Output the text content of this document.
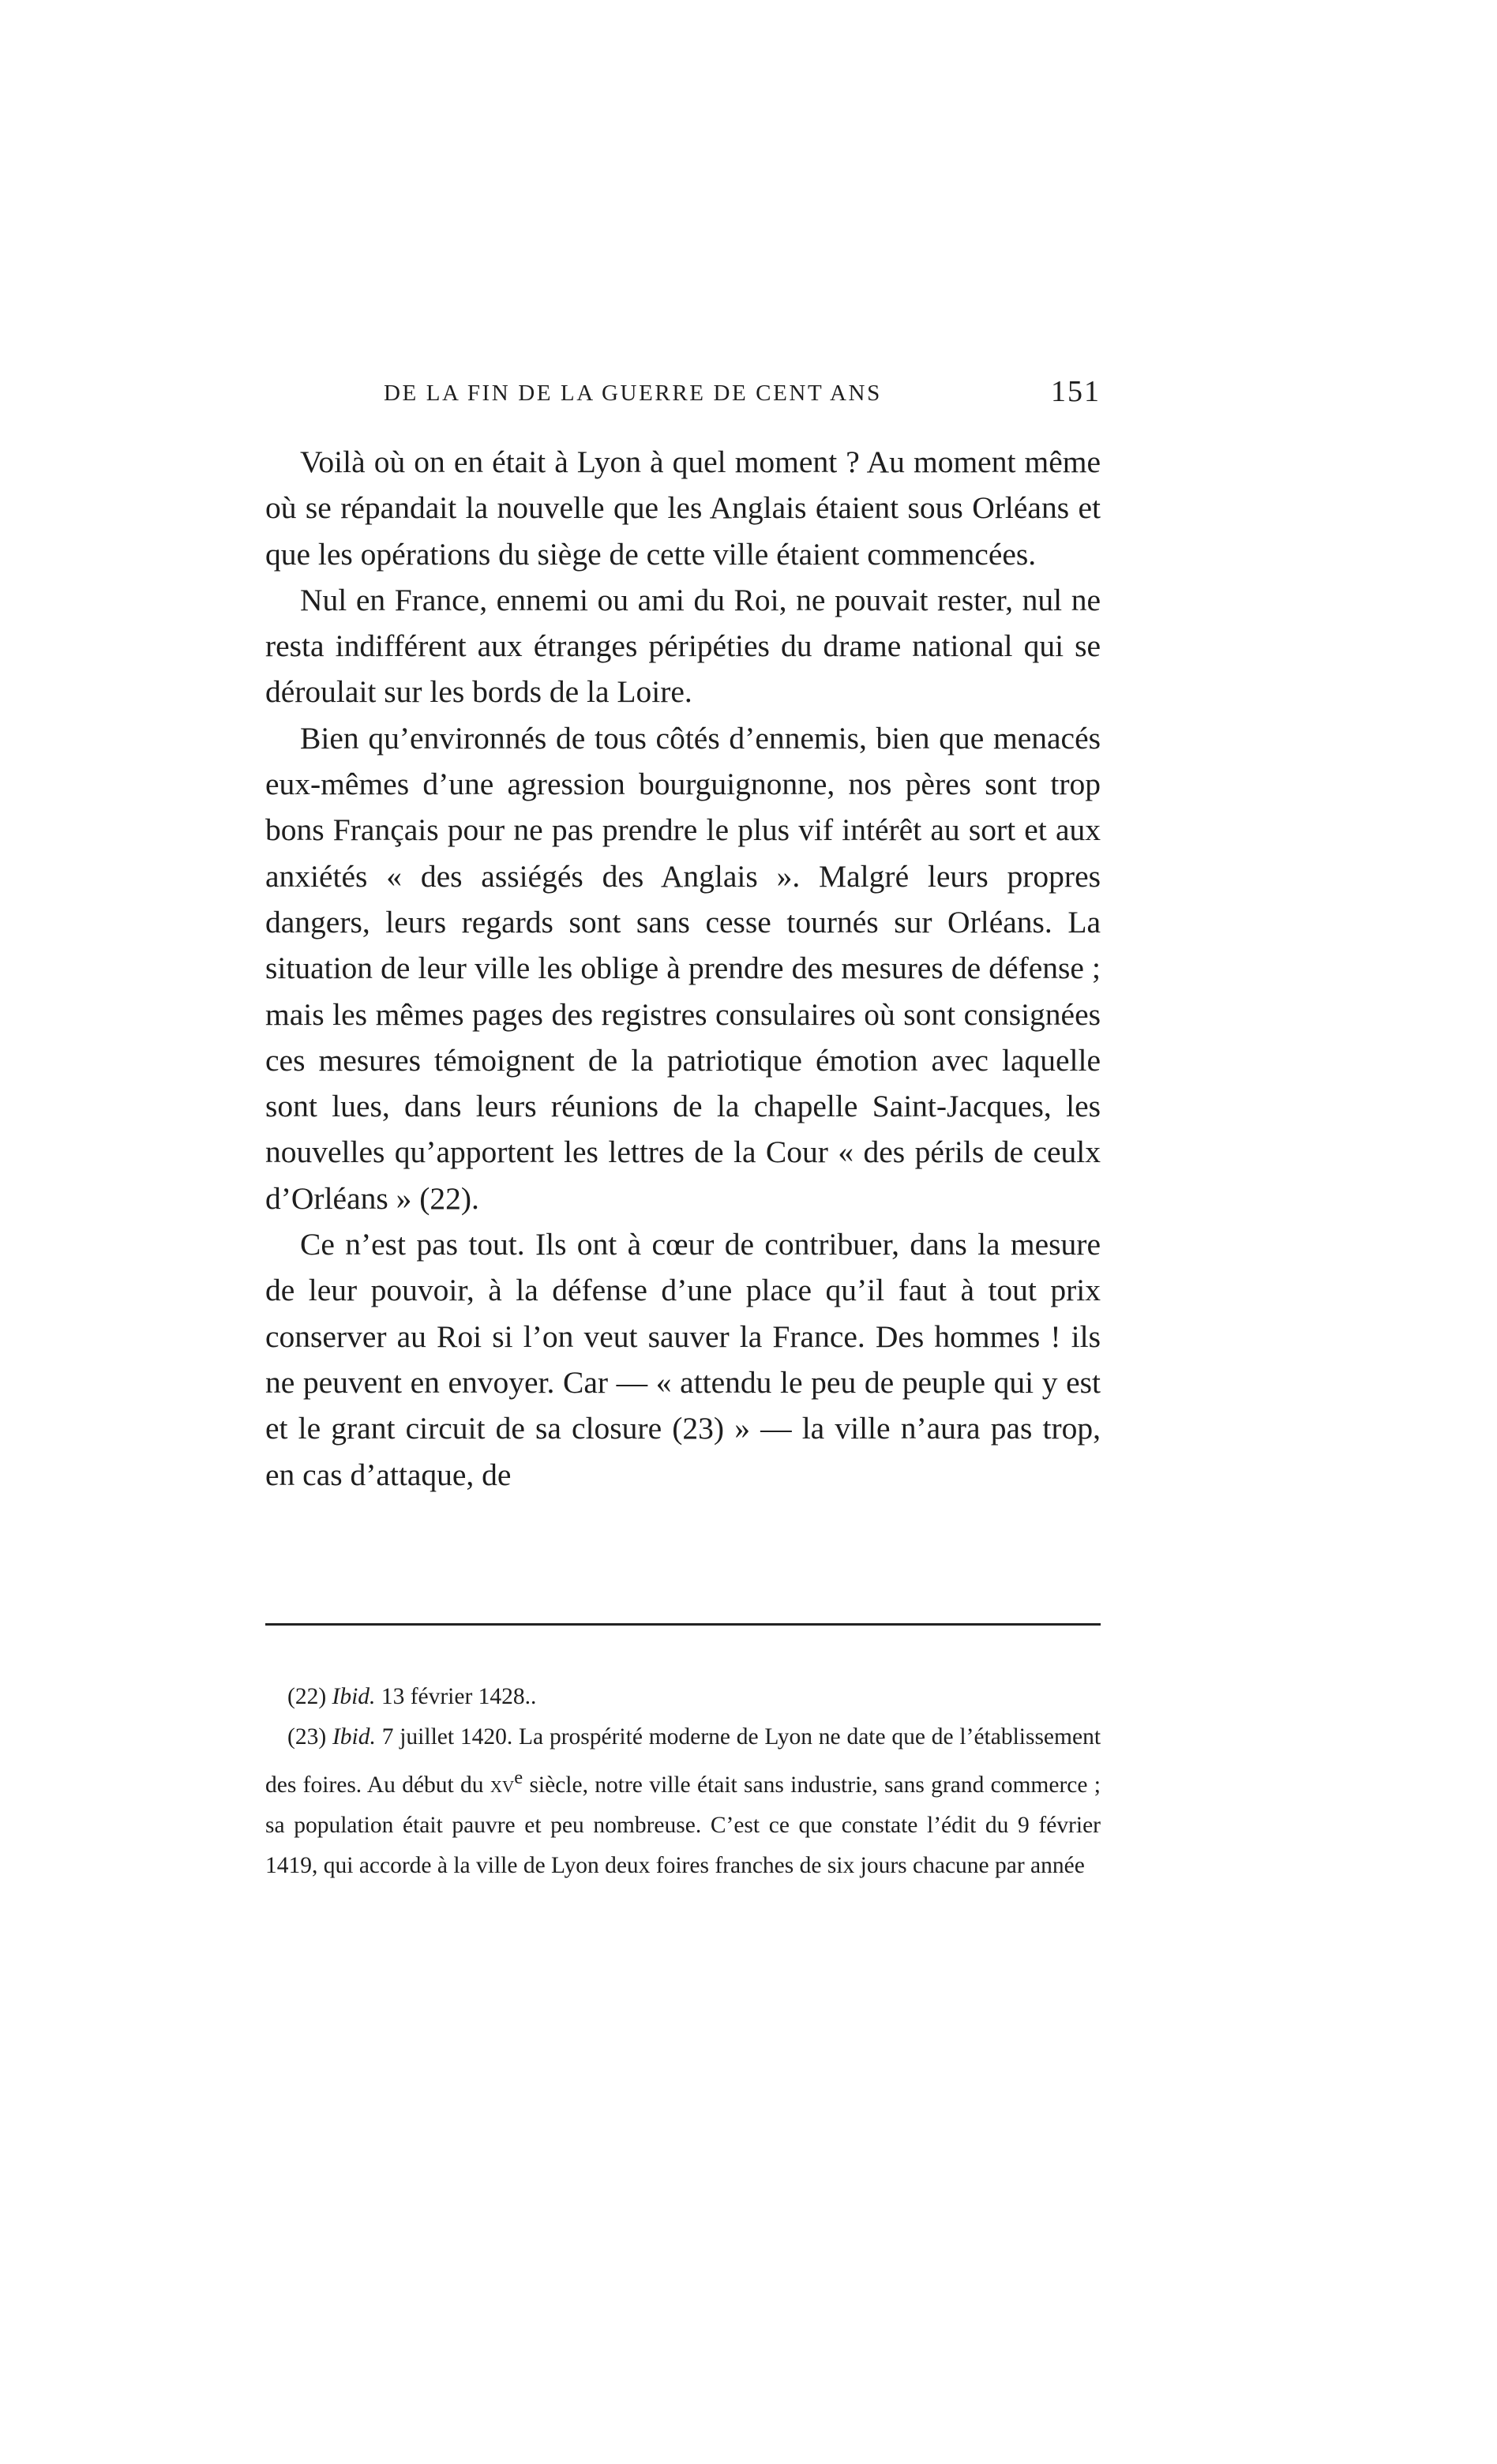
DE LA FIN DE LA GUERRE DE CENT ANS	151

Voilà où on en était à Lyon à quel moment ? Au moment même où se répandait la nouvelle que les Anglais étaient sous Orléans et que les opérations du siège de cette ville étaient commencées.

Nul en France, ennemi ou ami du Roi, ne pouvait rester, nul ne resta indifférent aux étranges péripéties du drame national qui se déroulait sur les bords de la Loire.

Bien qu’environnés de tous côtés d’ennemis, bien que menacés eux-mêmes d’une agression bourguignonne, nos pères sont trop bons Français pour ne pas prendre le plus vif intérêt au sort et aux anxiétés « des assiégés des Anglais ». Malgré leurs propres dangers, leurs regards sont sans cesse tournés sur Orléans. La situation de leur ville les oblige à prendre des mesures de défense ; mais les mêmes pages des registres consulaires où sont consignées ces mesures témoignent de la patriotique émotion avec laquelle sont lues, dans leurs réunions de la chapelle Saint-Jacques, les nouvelles qu’apportent les lettres de la Cour « des périls de ceulx d’Orléans » (22).

Ce n’est pas tout. Ils ont à cœur de contribuer, dans la mesure de leur pouvoir, à la défense d’une place qu’il faut à tout prix conserver au Roi si l’on veut sauver la France. Des hommes ! ils ne peuvent en envoyer. Car — « attendu le peu de peuple qui y est et le grant circuit de sa closure (23) » — la ville n’aura pas trop, en cas d’attaque, de

(22) Ibid. 13 février 1428..

(23) Ibid. 7 juillet 1420. La prospérité moderne de Lyon ne date que de l’établissement des foires. Au début du $xv^e$ siècle, notre ville était sans industrie, sans grand commerce ; sa population était pauvre et peu nombreuse. C’est ce que constate l’édit du 9 février 1419, qui accorde à la ville de Lyon deux foires franches de six jours chacune par année
